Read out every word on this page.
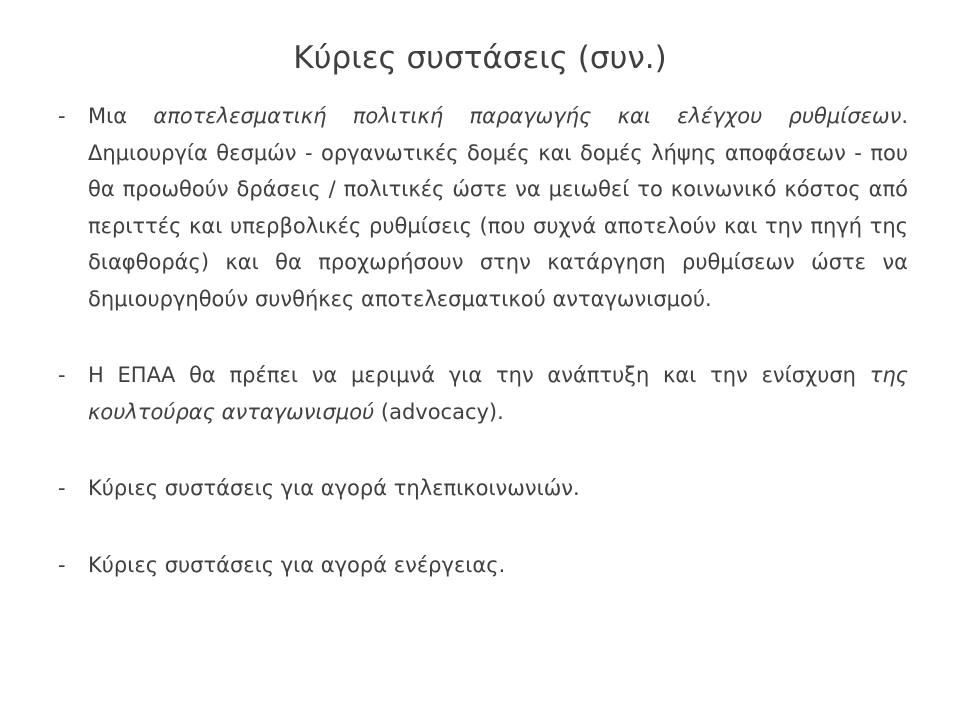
Κύριες συστάσεις (συν.)
- Μια αποτελεσματική πολιτική παραγωγής και ελέγχου ρυθμίσεων. Δημιουργία θεσμών - οργανωτικές δομές και δομές λήψης αποφάσεων - που θα προωθούν δράσεις / πολιτικές ώστε να μειωθεί το κοινωνικό κόστος από περιττές και υπερβολικές ρυθμίσεις (που συχνά αποτελούν και την πηγή της διαφθοράς) και θα προχωρήσουν στην κατάργηση ρυθμίσεων ώστε να δημιουργηθούν συνθήκες αποτελεσματικού ανταγωνισμού.
- Η ΕΠΑΑ θα πρέπει να μεριμνά για την ανάπτυξη και την ενίσχυση της κουλτούρας ανταγωνισμού (advocacy).
- Κύριες συστάσεις για αγορά τηλεπικοινωνιών.
- Κύριες συστάσεις για αγορά ενέργειας.
